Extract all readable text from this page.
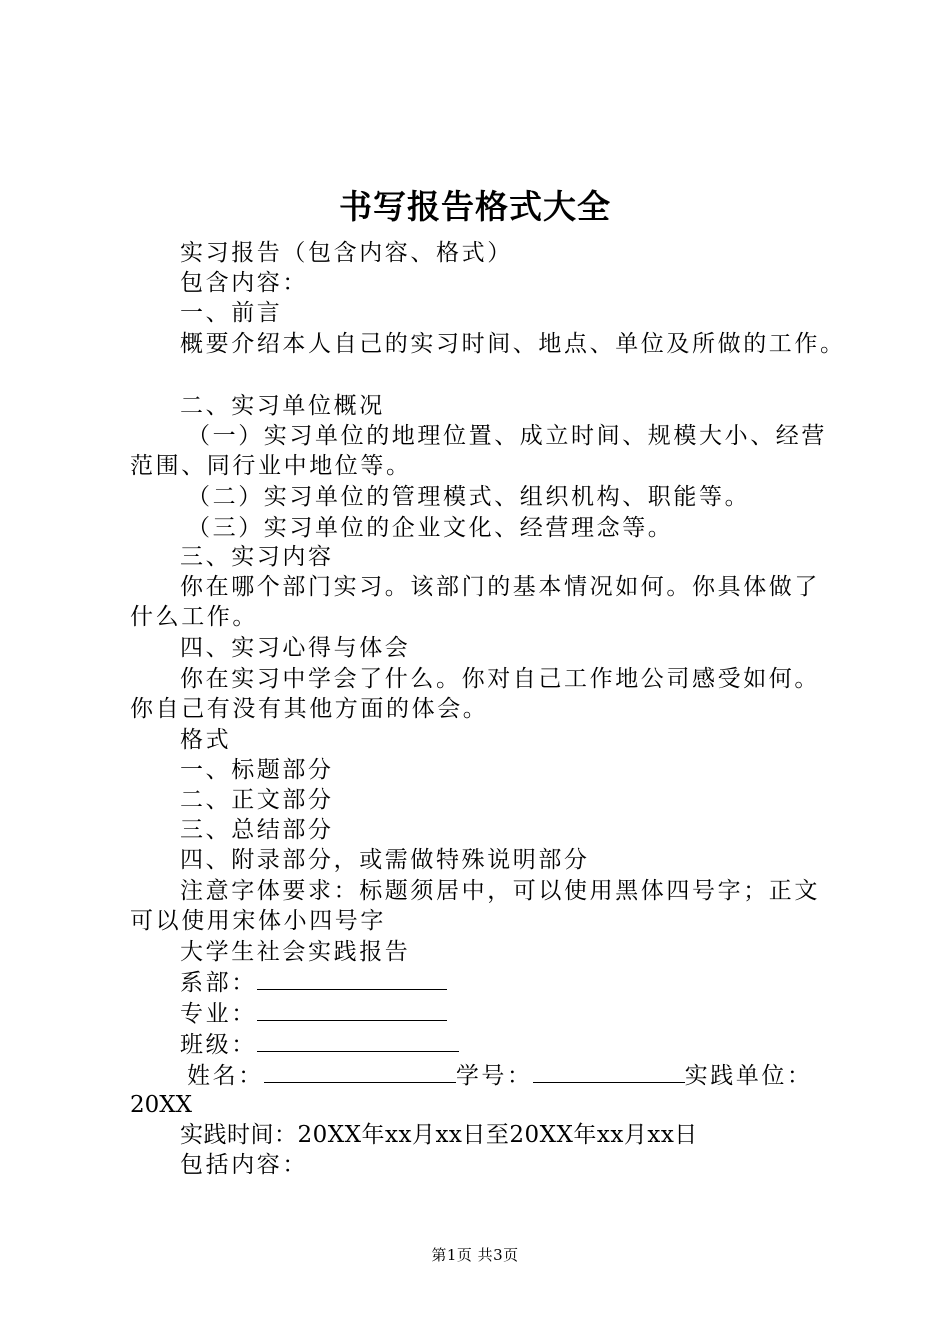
书写报告格式大全
实习报告（包含内容、格式）
包含内容：
一、前言
概要介绍本人自己的实习时间、地点、单位及所做的工作。
二、实习单位概况
（一）实习单位的地理位置、成立时间、规模大小、经营范围、同行业中地位等。
（二）实习单位的管理模式、组织机构、职能等。
（三）实习单位的企业文化、经营理念等。
三、实习内容
你在哪个部门实习。该部门的基本情况如何。你具体做了什么工作。
四、实习心得与体会
你在实习中学会了什么。你对自己工作地公司感受如何。你自己有没有其他方面的体会。
格式
一、标题部分
二、正文部分
三、总结部分
四、附录部分，或需做特殊说明部分
注意字体要求：标题须居中，可以使用黑体四号字；正文可以使用宋体小四号字
大学生社会实践报告
系部：
专业：
班级：
姓名：	学号：	实践单位：
20XX
实践时间：20XX年xx月xx日至20XX年xx月xx日
包括内容：
第1页 共3页
